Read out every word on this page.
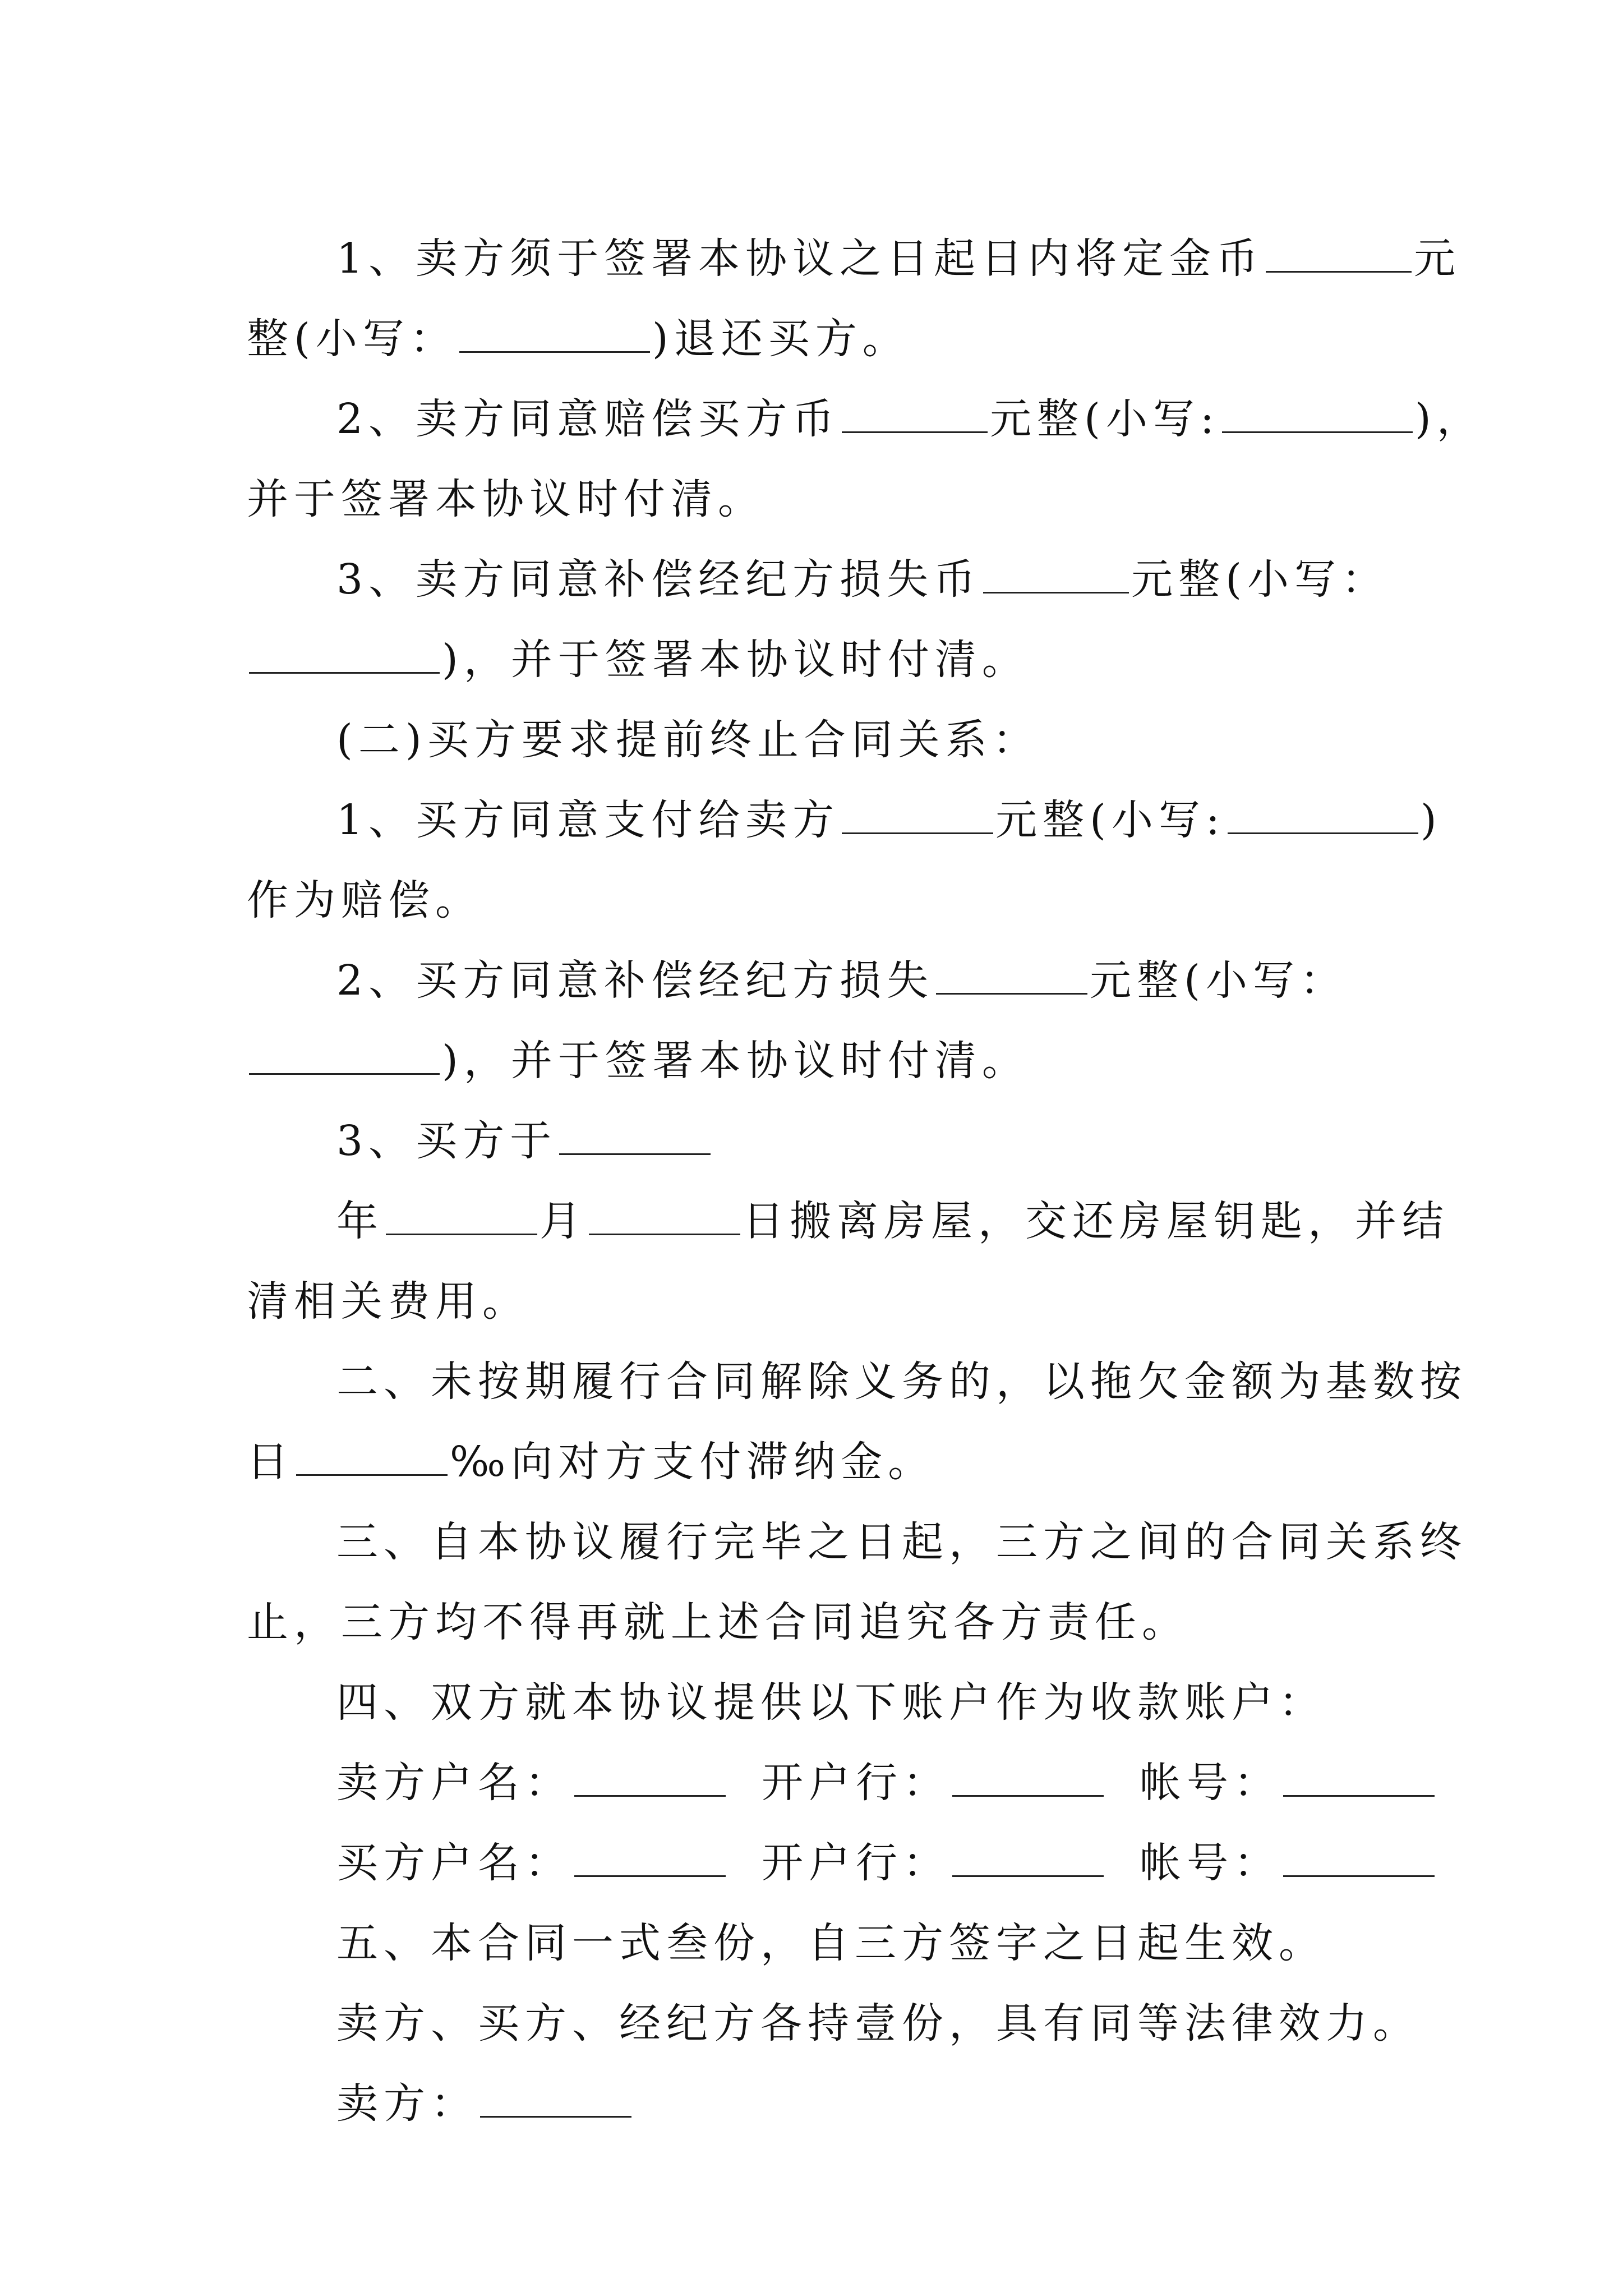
1、卖方须于签署本协议之日起日内将定金币	元
整(小写：	)退还买方。
2、卖方同意赔偿买方币	元整(小写:	)，
并于签署本协议时付清。
3、卖方同意补偿经纪方损失币	元整(小写：
)，并于签署本协议时付清。
(二)买方要求提前终止合同关系：
1、买方同意支付给卖方	元整(小写:	)
作为赔偿。
2、买方同意补偿经纪方损失	元整(小写：
)，并于签署本协议时付清。
3、买方于
年	月	日搬离房屋，交还房屋钥匙，并结
清相关费用。
二、未按期履行合同解除义务的，以拖欠金额为基数按
日	‰向对方支付滞纳金。
三、自本协议履行完毕之日起，三方之间的合同关系终
止，三方均不得再就上述合同追究各方责任。
四、双方就本协议提供以下账户作为收款账户：
卖方户名：	开户行：	帐号：
买方户名：	开户行：	帐号：
五、本合同一式叁份，自三方签字之日起生效。
卖方、买方、经纪方各持壹份，具有同等法律效力。
卖方：
